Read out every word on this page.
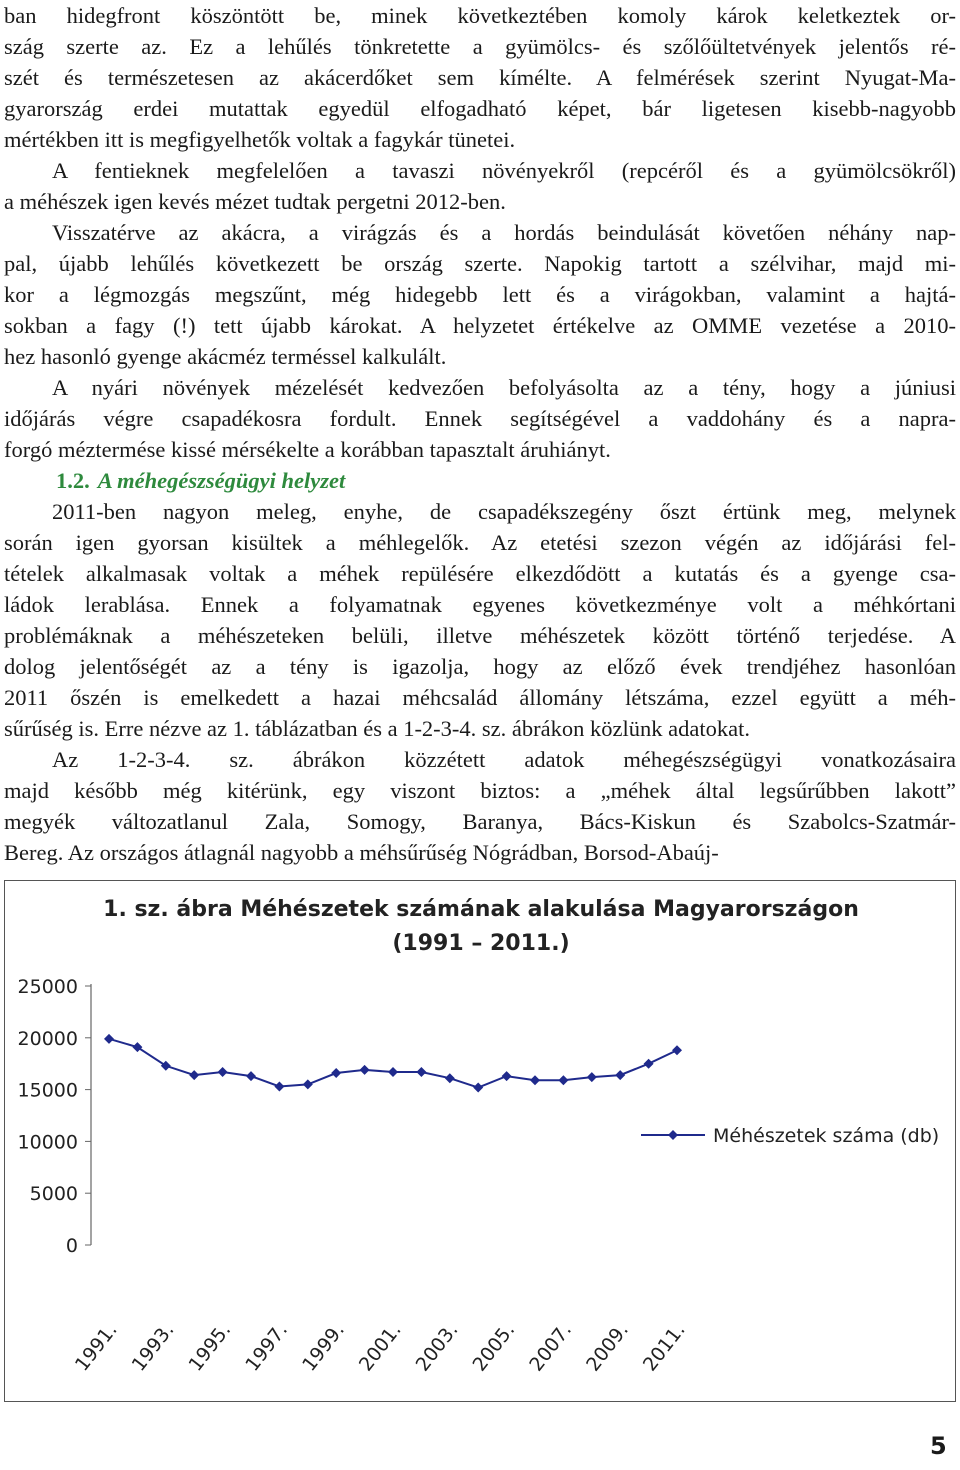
ban hidegfront köszöntött be, minek következtében komoly károk keletkeztek or-
szág szerte az. Ez a lehűlés tönkretette a gyümölcs- és szőlőültetvények jelentős ré-
szét és természetesen az akácerdőket sem kímélte. A felmérések szerint Nyugat-Ma-
gyarország erdei mutattak egyedül elfogadható képet, bár ligetesen kisebb-nagyobb
mértékben itt is megfigyelhetők voltak a fagykár tünetei.
A fentieknek megfelelően a tavaszi növényekről (repcéről és a gyümölcsökről)
a méhészek igen kevés mézet tudtak pergetni 2012-ben.
Visszatérve az akácra, a virágzás és a hordás beindulását követően néhány nap-
pal, újabb lehűlés következett be ország szerte. Napokig tartott a szélvihar, majd mi-
kor a légmozgás megszűnt, még hidegebb lett és a virágokban, valamint a hajtá-
sokban a fagy (!) tett újabb károkat. A helyzetet értékelve az OMME vezetése a 2010-
hez hasonló gyenge akácméz terméssel kalkulált.
A nyári növények mézelését kedvezően befolyásolta az a tény, hogy a júniusi
időjárás végre csapadékosra fordult. Ennek segítségével a vaddohány és a napra-
forgó méztermése kissé mérsékelte a korábban tapasztalt áruhiányt.
1.2. A méhegészségügyi helyzet
2011-ben nagyon meleg, enyhe, de csapadékszegény őszt értünk meg, melynek
során igen gyorsan kisültek a méhlegelők. Az etetési szezon végén az időjárási fel-
tételek alkalmasak voltak a méhek repülésére elkezdődött a kutatás és a gyenge csa-
ládok lerablása. Ennek a folyamatnak egyenes következménye volt a méhkórtani
problémáknak a méhészeteken belüli, illetve méhészetek között történő terjedése. A
dolog jelentőségét az a tény is igazolja, hogy az előző évek trendjéhez hasonlóan
2011 őszén is emelkedett a hazai méhcsalád állomány létszáma, ezzel együtt a méh-
sűrűség is. Erre nézve az 1. táblázatban és a 1-2-3-4. sz. ábrákon közlünk adatokat.
Az 1-2-3-4. sz. ábrákon közzétett adatok méhegészségügyi vonatkozásaira
majd később még kitérünk, egy viszont biztos: a „méhek által legsűrűbben lakott”
megyék változatlanul Zala, Somogy, Baranya, Bács-Kiskun és Szabolcs-Szatmár-
Bereg. Az országos átlagnál nagyobb a méhsűrűség Nógrádban, Borsod-Abaúj-
1. sz. ábra Méhészetek számának alakulása Magyarországon
(1991 – 2011.)
0
5000
10000
15000
20000
25000
1991. 1993. 1995. 1997. 1999. 2001. 2003. 2005. 2007. 2009. 2011.
Méhészetek száma (db)
5
